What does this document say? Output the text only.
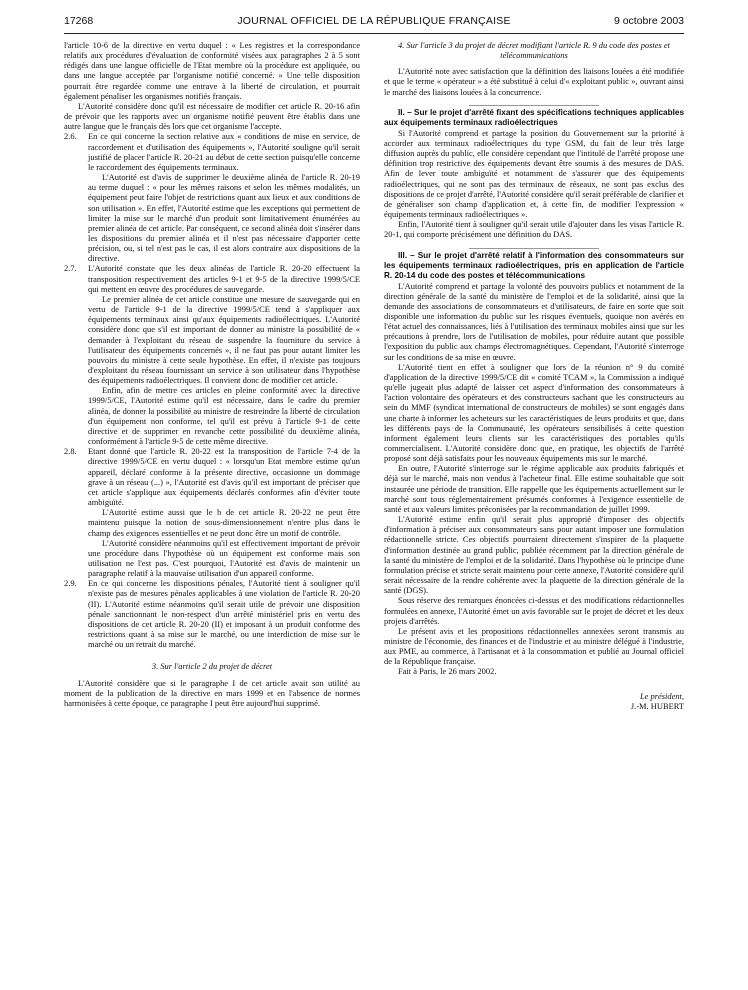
17268	JOURNAL OFFICIEL DE LA RÉPUBLIQUE FRANÇAISE	9 octobre 2003

l'article 10-6 de la directive en vertu duquel : « Les registres et la correspondance relatifs aux procédures d'évaluation de conformité visées aux paragraphes 2 à 5 sont rédigés dans une langue officielle de l'Etat membre où la procédure est appliquée, ou dans une langue acceptée par l'organisme notifié concerné. » Une telle disposition pourrait être regardée comme une entrave à la liberté de circulation, et pourrait également pénaliser les organismes notifiés français.

L'Autorité considère donc qu'il est nécessaire de modifier cet article R. 20-16 afin de prévoir que les rapports avec un organisme notifié peuvent être établis dans une autre langue que le français dès lors que cet organisme l'accepte.

2.6.	En ce qui concerne la section relative aux « conditions de mise en service, de raccordement et d'utilisation des équipements », l'Autorité souligne qu'il serait justifié de placer l'article R. 20-21 au début de cette section puisqu'elle concerne le raccordement des équipements terminaux.

L'Autorité est d'avis de supprimer le deuxième alinéa de l'article R. 20-19 au terme duquel : « pour les mêmes raisons et selon les mêmes modalités, un équipement peut faire l'objet de restrictions quant aux lieux et aux conditions de son utilisation ». En effet, l'Autorité estime que les exceptions qui permettent de limiter la mise sur le marché d'un produit sont limitativement énumérées au premier alinéa de cet article. Par conséquent, ce second alinéa doit s'insérer dans les dispositions du premier alinéa et il n'est pas nécessaire d'apporter cette précision, ou, si tel n'est pas le cas, il est alors contraire aux dispositions de la directive.

2.7.	L'Autorité constate que les deux alinéas de l'article R. 20-20 effectuent la transposition respectivement des articles 9-1 et 9-5 de la directive 1999/5/CE qui mettent en œuvre des procédures de sauvegarde.

Le premier alinéa de cet article constitue une mesure de sauvegarde qui en vertu de l'article 9-1 de la directive 1999/5/CE tend à s'appliquer aux équipements terminaux ainsi qu'aux équipements radioélectriques. L'Autorité considère donc que s'il est important de donner au ministre la possibilité de « demander à l'exploitant du réseau de suspendre la fourniture du service à l'utilisateur des équipements concernés », il ne faut pas pour autant limiter les pouvoirs du ministre à cette seule hypothèse. En effet, il n'existe pas toujours d'exploitant du réseau fournissant un service à son utilisateur dans l'hypothèse des équipements radioélectriques. Il convient donc de modifier cet article.

Enfin, afin de mettre ces articles en pleine conformité avec la directive 1999/5/CE, l'Autorité estime qu'il est nécessaire, dans le cadre du premier alinéa, de donner la possibilité au ministre de restreindre la liberté de circulation d'un équipement non conforme, tel qu'il est prévu à l'article 9-1 de cette directive et de supprimer en revanche cette possibilité du deuxième alinéa, conformément à l'article 9-5 de cette même directive.

2.8.	Etant donné que l'article R. 20-22 est la transposition de l'article 7-4 de la directive 1999/5/CE en vertu duquel : « lorsqu'un Etat membre estime qu'un appareil, déclaré conforme à la présente directive, occasionne un dommage grave à un réseau (...) », l'Autorité est d'avis qu'il est important de préciser que cet article s'applique aux équipements déclarés conformes afin d'éviter toute ambiguïté.

L'Autorité estime aussi que le b de cet article R. 20-22 ne peut être maintenu puisque la notion de sous-dimensionnement n'entre plus dans le champ des exigences essentielles et ne peut donc être un motif de contrôle.

L'Autorité considère néanmoins qu'il est effectivement important de prévoir une procédure dans l'hypothèse où un équipement est conforme mais son utilisation ne l'est pas. C'est pourquoi, l'Autorité est d'avis de maintenir un paragraphe relatif à la mauvaise utilisation d'un appareil conforme.

2.9.	En ce qui concerne les dispositions pénales, l'Autorité tient à souligner qu'il n'existe pas de mesures pénales applicables à une violation de l'article R. 20-20 (II). L'Autorité estime néanmoins qu'il serait utile de prévoir une disposition pénale sanctionnant le non-respect d'un arrêté ministériel pris en vertu des dispositions de cet article R. 20-20 (II) et imposant à un produit conforme des restrictions quant à sa mise sur le marché, ou une interdiction de mise sur le marché ou un retrait du marché.

3. Sur l'article 2 du projet de décret

L'Autorité considère que si le paragraphe I de cet article avait son utilité au moment de la publication de la directive en mars 1999 et en l'absence de normes harmonisées à cette époque, ce paragraphe I peut être aujourd'hui supprimé.

4. Sur l'article 3 du projet de décret modifiant l'article R. 9 du code des postes et télécommunications

L'Autorité note avec satisfaction que la définition des liaisons louées a été modifiée et que le terme « opérateur » a été substitué à celui d'« exploitant public », ouvrant ainsi le marché des liaisons louées à la concurrence.

II. – Sur le projet d'arrêté fixant des spécifications techniques applicables aux équipements terminaux radioélectriques

Si l'Autorité comprend et partage la position du Gouvernement sur la priorité à accorder aux terminaux radioélectriques du type GSM, du fait de leur très large diffusion auprès du public, elle considère cependant que l'intitulé de l'arrêté propose une définition trop restrictive des équipements devant être soumis à des mesures de DAS. Afin de lever toute ambiguïté et notamment de s'assurer que des équipements radioélectriques, qui ne sont pas des terminaux de réseaux, ne sont pas exclus des dispositions de ce projet d'arrêté, l'Autorité considère qu'il serait préférable de clarifier et de généraliser son champ d'application et, à cette fin, de modifier l'expression « équipements terminaux radioélectriques ».

Enfin, l'Autorité tient à souligner qu'il serait utile d'ajouter dans les visas l'article R. 20-1, qui comporte précisément une définition du DAS.

III. – Sur le projet d'arrêté relatif à l'information des consommateurs sur les équipements terminaux radioélectriques, pris en application de l'article R. 20-14 du code des postes et télécommunications

L'Autorité comprend et partage la volonté des pouvoirs publics et notamment de la direction générale de la santé du ministère de l'emploi et de la solidarité, ainsi que la demande des associations de consommateurs et d'utilisateurs, de faire en sorte que soit disponible une information du public sur les risques éventuels, quoique non avérés en l'état actuel des connaissances, liés à l'utilisation des terminaux mobiles ainsi que sur les précautions à prendre, lors de l'utilisation de mobiles, pour réduire autant que possible l'exposition du public aux champs électromagnétiques. Cependant, l'Autorité s'interroge sur les conditions de sa mise en œuvre.

L'Autorité tient en effet à souligner que lors de la réunion n° 9 du comité d'application de la directive 1999/5/CE dit « comité TCAM », la Commission a indiqué qu'elle jugeait plus adapté de laisser cet aspect d'information des consommateurs à l'action volontaire des opérateurs et des constructeurs sachant que les constructeurs au sein du MMF (syndicat international de constructeurs de mobiles) se sont engagés dans une charte à informer les acheteurs sur les caractéristiques de leurs produits et que, dans les différents pays de la Communauté, les opérateurs sensibilisés à cette question informent également leurs clients sur les caractéristiques des portables qu'ils commercialisent. L'Autorité considère donc que, en pratique, les objectifs de l'arrêté proposé sont déjà satisfaits pour les nouveaux équipements mis sur le marché.

En outre, l'Autorité s'interroge sur le régime applicable aux produits fabriqués et déjà sur le marché, mais non vendus à l'acheteur final. Elle estime souhaitable que soit instaurée une période de transition. Elle rappelle que les équipements actuellement sur le marché sont tous réglementairement présumés conformes à l'exigence essentielle de santé et aux valeurs limites préconisées par la recommandation de juillet 1999.

L'Autorité estime enfin qu'il serait plus approprié d'imposer des objectifs d'information à préciser aux consommateurs sans pour autant imposer une formulation rédactionnelle stricte. Ces objectifs pourraient directement s'inspirer de la plaquette d'information destinée au grand public, publiée récemment par la direction générale de la santé du ministère de l'emploi et de la solidarité. Dans l'hypothèse où le principe d'une formulation précise et stricte serait maintenu pour cette annexe, l'Autorité considère qu'il serait nécessaire de la rendre cohérente avec la plaquette de la direction générale de la santé (DGS).

Sous réserve des remarques énoncées ci-dessus et des modifications rédactionnelles formulées en annexe, l'Autorité émet un avis favorable sur le projet de décret et les deux projets d'arrêtés.

Le présent avis et les propositions rédactionnelles annexées seront transmis au ministre de l'économie, des finances et de l'industrie et au ministre délégué à l'industrie, aux PME, au commerce, à l'artisanat et à la consommation et publié au Journal officiel de la République française.

Fait à Paris, le 26 mars 2002.

Le président,
J.-M. HUBERT
